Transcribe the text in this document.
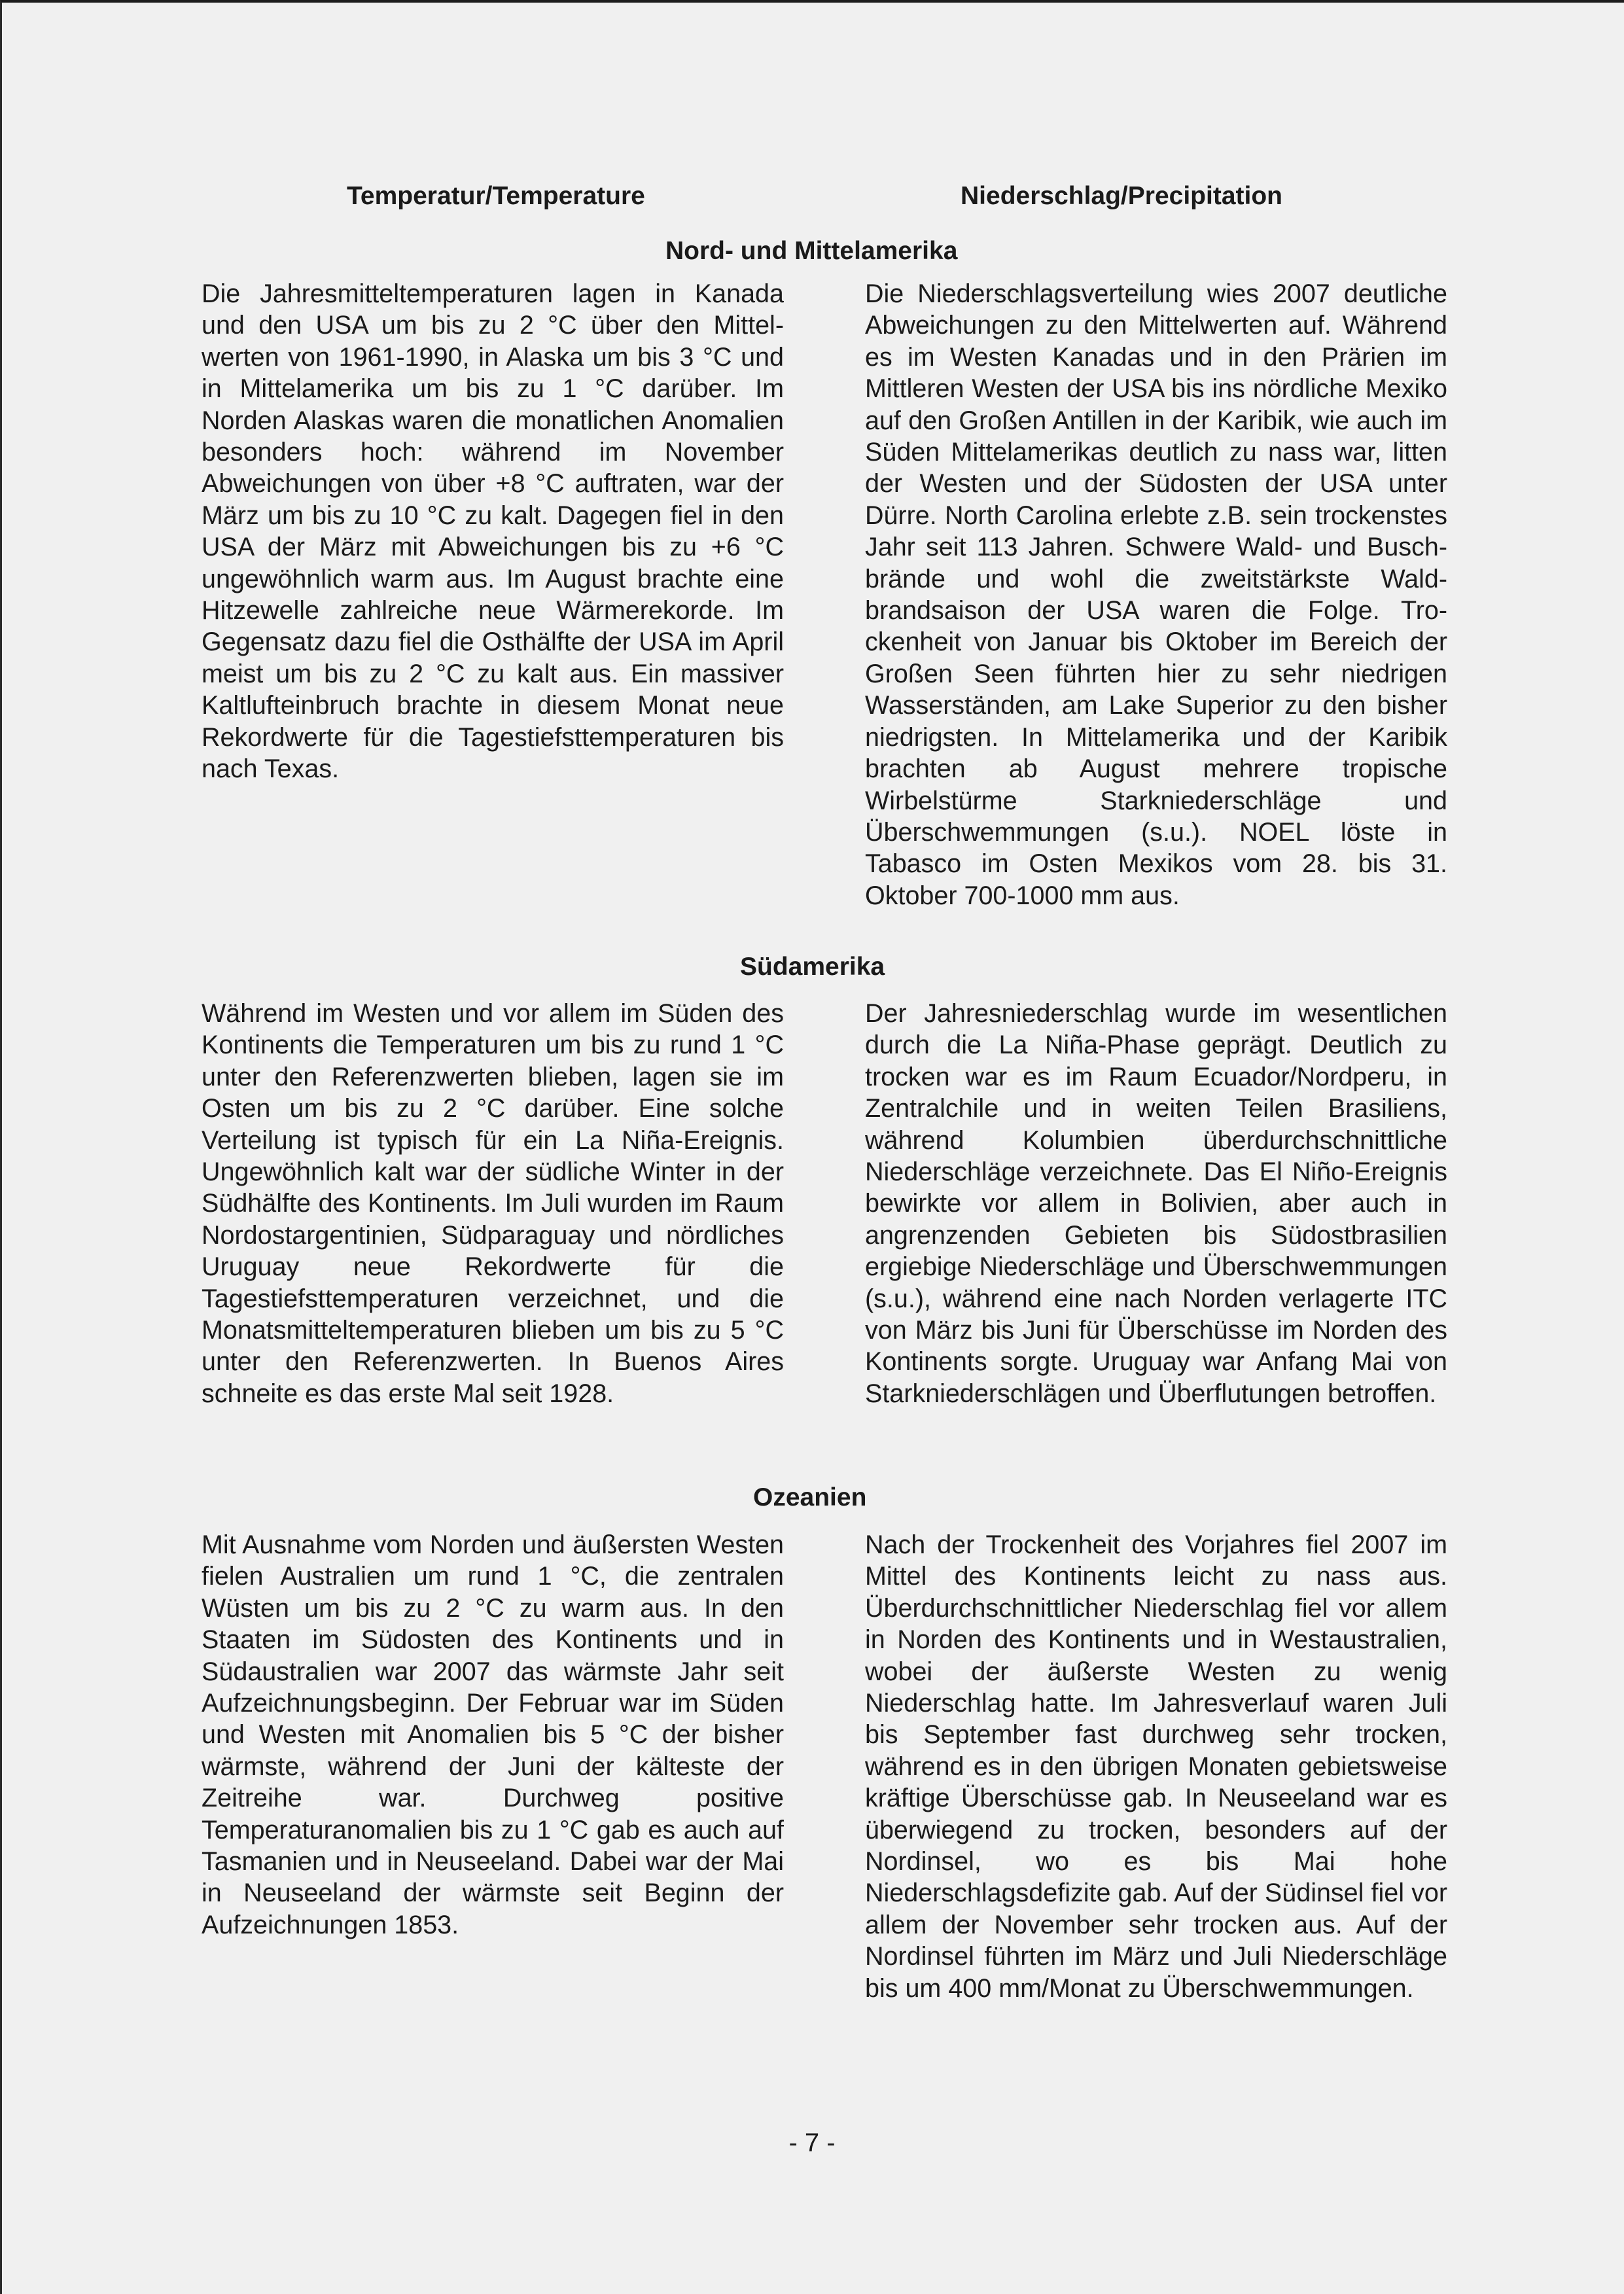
Temperatur/Temperature	Niederschlag/Precipitation
Nord- und Mittelamerika
Die Jahresmitteltemperaturen lagen in Kanada und den USA um bis zu 2 °C über den Mittelwerten von 1961-1990, in Alaska um bis 3 °C und in Mittelamerika um bis zu 1 °C darüber. Im Norden Alaskas waren die monatlichen Anomalien besonders hoch: während im November Abweichungen von über +8 °C auftraten, war der März um bis zu 10 °C zu kalt. Dagegen fiel in den USA der März mit Abweichungen bis zu +6 °C ungewöhnlich warm aus. Im August brachte eine Hitzewelle zahlreiche neue Wärmerekorde. Im Gegensatz dazu fiel die Osthälfte der USA im April meist um bis zu 2 °C zu kalt aus. Ein massiver Kaltlufteinbruch brachte in diesem Monat neue Rekordwerte für die Tagestiefsttemperaturen bis nach Texas.
Die Niederschlagsverteilung wies 2007 deutliche Abweichungen zu den Mittelwerten auf. Während es im Westen Kanadas und in den Prärien im Mittleren Westen der USA bis ins nördliche Mexiko auf den Großen Antillen in der Karibik, wie auch im Süden Mittelamerikas deutlich zu nass war, litten der Westen und der Südosten der USA unter Dürre. North Carolina erlebte z.B. sein trockenstes Jahr seit 113 Jahren. Schwere Wald- und Buschbrände und wohl die zweitstärkste Waldbrandsaison der USA waren die Folge. Trockenheit von Januar bis Oktober im Bereich der Großen Seen führten hier zu sehr niedrigen Wasserständen, am Lake Superior zu den bisher niedrigsten. In Mittelamerika und der Karibik brachten ab August mehrere tropische Wirbelstürme Starkniederschläge und Überschwemmungen (s.u.). NOEL löste in Tabasco im Osten Mexikos vom 28. bis 31. Oktober 700-1000 mm aus.
Südamerika
Während im Westen und vor allem im Süden des Kontinents die Temperaturen um bis zu rund 1 °C unter den Referenzwerten blieben, lagen sie im Osten um bis zu 2 °C darüber. Eine solche Verteilung ist typisch für ein La Niña-Ereignis. Ungewöhnlich kalt war der südliche Winter in der Südhälfte des Kontinents. Im Juli wurden im Raum Nordostargentinien, Südparaguay und nördliches Uruguay neue Rekordwerte für die Tagestiefsttemperaturen verzeichnet, und die Monatsmitteltemperaturen blieben um bis zu 5 °C unter den Referenzwerten. In Buenos Aires schneite es das erste Mal seit 1928.
Der Jahresniederschlag wurde im wesentlichen durch die La Niña-Phase geprägt. Deutlich zu trocken war es im Raum Ecuador/Nordperu, in Zentralchile und in weiten Teilen Brasiliens, während Kolumbien überdurchschnittliche Niederschläge verzeichnete. Das El Niño-Ereignis bewirkte vor allem in Bolivien, aber auch in angrenzenden Gebieten bis Südostbrasilien ergiebige Niederschläge und Überschwemmungen (s.u.), während eine nach Norden verlagerte ITC von März bis Juni für Überschüsse im Norden des Kontinents sorgte. Uruguay war Anfang Mai von Starkniederschlägen und Überflutungen betroffen.
Ozeanien
Mit Ausnahme vom Norden und äußersten Westen fielen Australien um rund 1 °C, die zentralen Wüsten um bis zu 2 °C zu warm aus. In den Staaten im Südosten des Kontinents und in Südaustralien war 2007 das wärmste Jahr seit Aufzeichnungsbeginn. Der Februar war im Süden und Westen mit Anomalien bis 5 °C der bisher wärmste, während der Juni der kälteste der Zeitreihe war. Durchweg positive Temperaturanomalien bis zu 1 °C gab es auch auf Tasmanien und in Neuseeland. Dabei war der Mai in Neuseeland der wärmste seit Beginn der Aufzeichnungen 1853.
Nach der Trockenheit des Vorjahres fiel 2007 im Mittel des Kontinents leicht zu nass aus. Überdurchschnittlicher Niederschlag fiel vor allem in Norden des Kontinents und in Westaustralien, wobei der äußerste Westen zu wenig Niederschlag hatte. Im Jahresverlauf waren Juli bis September fast durchweg sehr trocken, während es in den übrigen Monaten gebietsweise kräftige Überschüsse gab. In Neuseeland war es überwiegend zu trocken, besonders auf der Nordinsel, wo es bis Mai hohe Niederschlagsdefizite gab. Auf der Südinsel fiel vor allem der November sehr trocken aus. Auf der Nordinsel führten im März und Juli Niederschläge bis um 400 mm/Monat zu Überschwemmungen.
- 7 -
